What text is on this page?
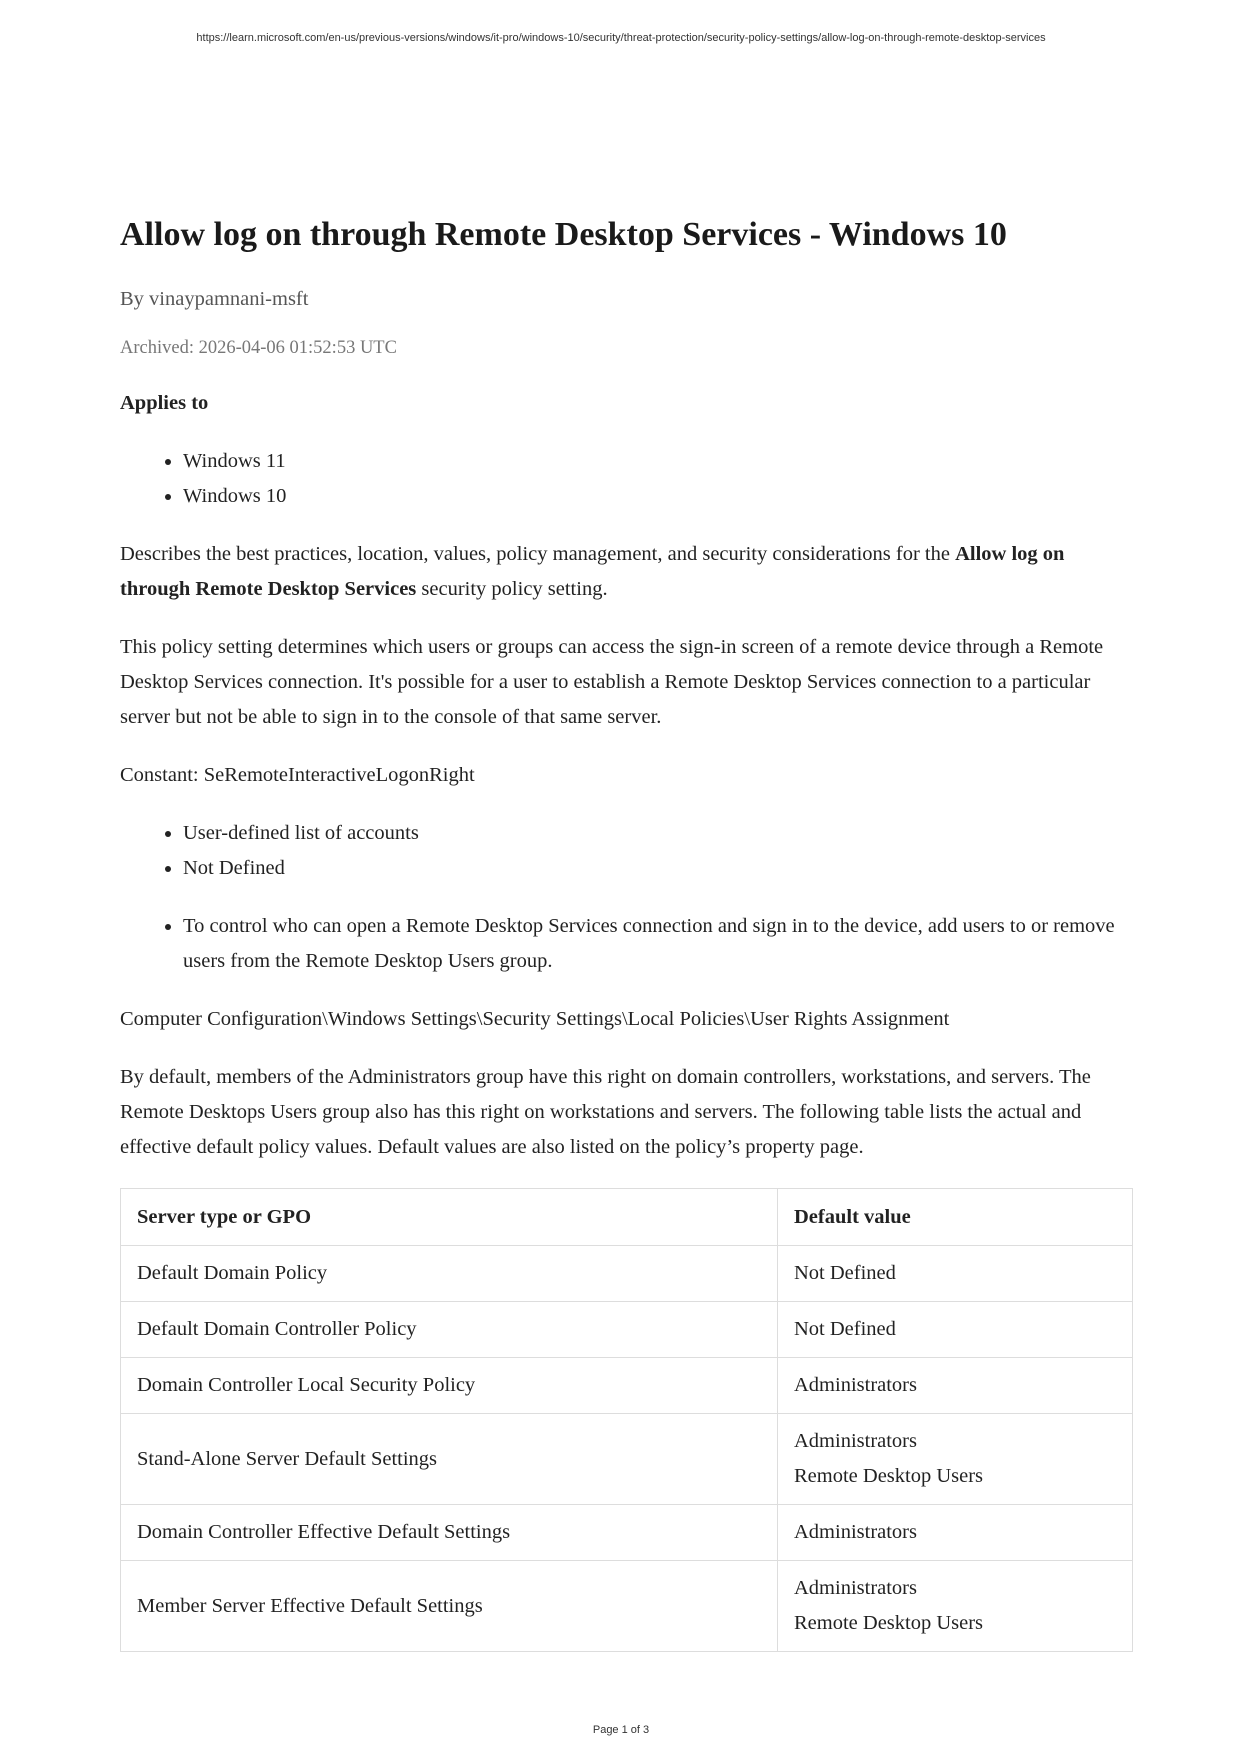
https://learn.microsoft.com/en-us/previous-versions/windows/it-pro/windows-10/security/threat-protection/security-policy-settings/allow-log-on-through-remote-desktop-services
Allow log on through Remote Desktop Services - Windows 10

By vinaypamnani-msft

Archived: 2026-04-06 01:52:53 UTC

Applies to

• Windows 11
• Windows 10

Describes the best practices, location, values, policy management, and security considerations for the Allow log on through Remote Desktop Services security policy setting.

This policy setting determines which users or groups can access the sign-in screen of a remote device through a Remote Desktop Services connection. It's possible for a user to establish a Remote Desktop Services connection to a particular server but not be able to sign in to the console of that same server.

Constant: SeRemoteInteractiveLogonRight

• User-defined list of accounts
• Not Defined
• To control who can open a Remote Desktop Services connection and sign in to the device, add users to or remove users from the Remote Desktop Users group.

Computer Configuration\Windows Settings\Security Settings\Local Policies\User Rights Assignment

By default, members of the Administrators group have this right on domain controllers, workstations, and servers. The Remote Desktops Users group also has this right on workstations and servers. The following table lists the actual and effective default policy values. Default values are also listed on the policy’s property page.

Server type or GPO	Default value
Default Domain Policy	Not Defined

Default Domain Controller Policy	Not Defined

Domain Controller Local Security Policy	Administrators

Stand-Alone Server Default Settings	Administrators
Remote Desktop Users

Domain Controller Effective Default Settings	Administrators

Member Server Effective Default Settings	Administrators
Remote Desktop Users
Page 1 of 3
